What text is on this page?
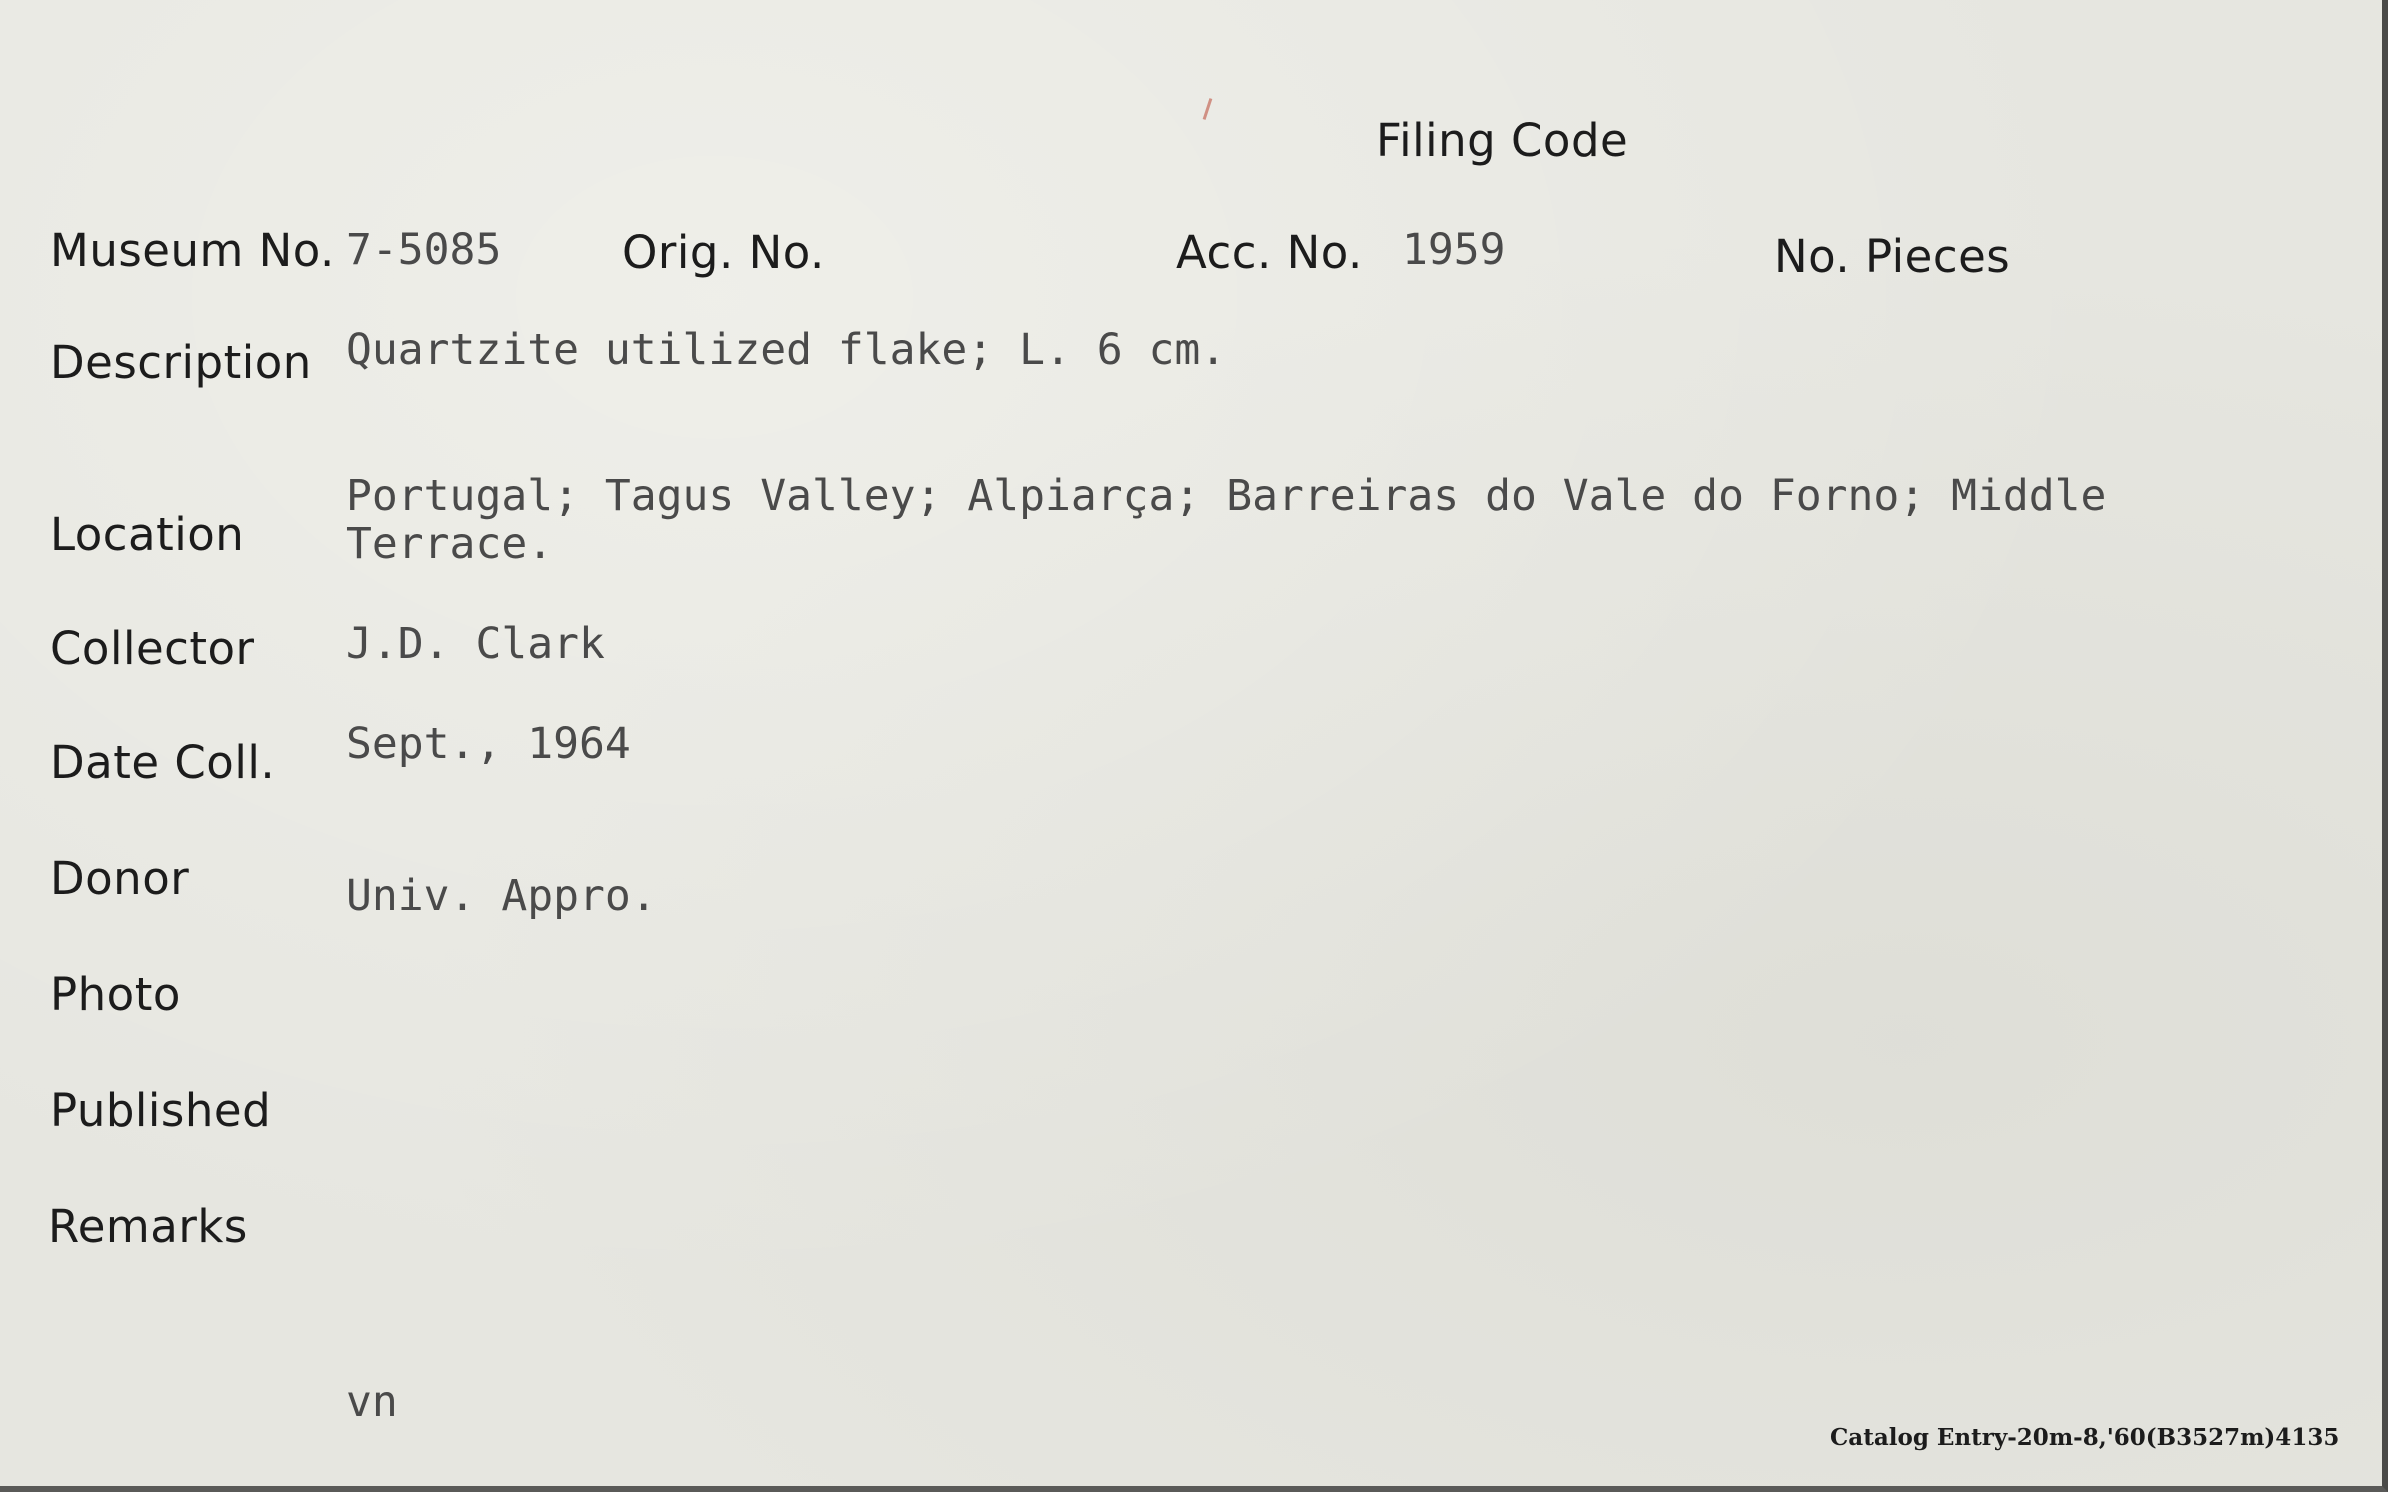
Filing Code
Museum No. 7-5085	Orig. No.	Acc. No. 1959	No. Pieces
Description Quartzite utilized flake; L. 6 cm.
Location
Portugal; Tagus Valley; Alpiarça; Barreiras do Vale do Forno; Middle Terrace.
Collector J.D. Clark
Date Coll. Sept., 1964
Donor	Univ. Appro.
Photo
Published
Remarks
vn
Catalog Entry-20m-8,'60(B3527m)4135
